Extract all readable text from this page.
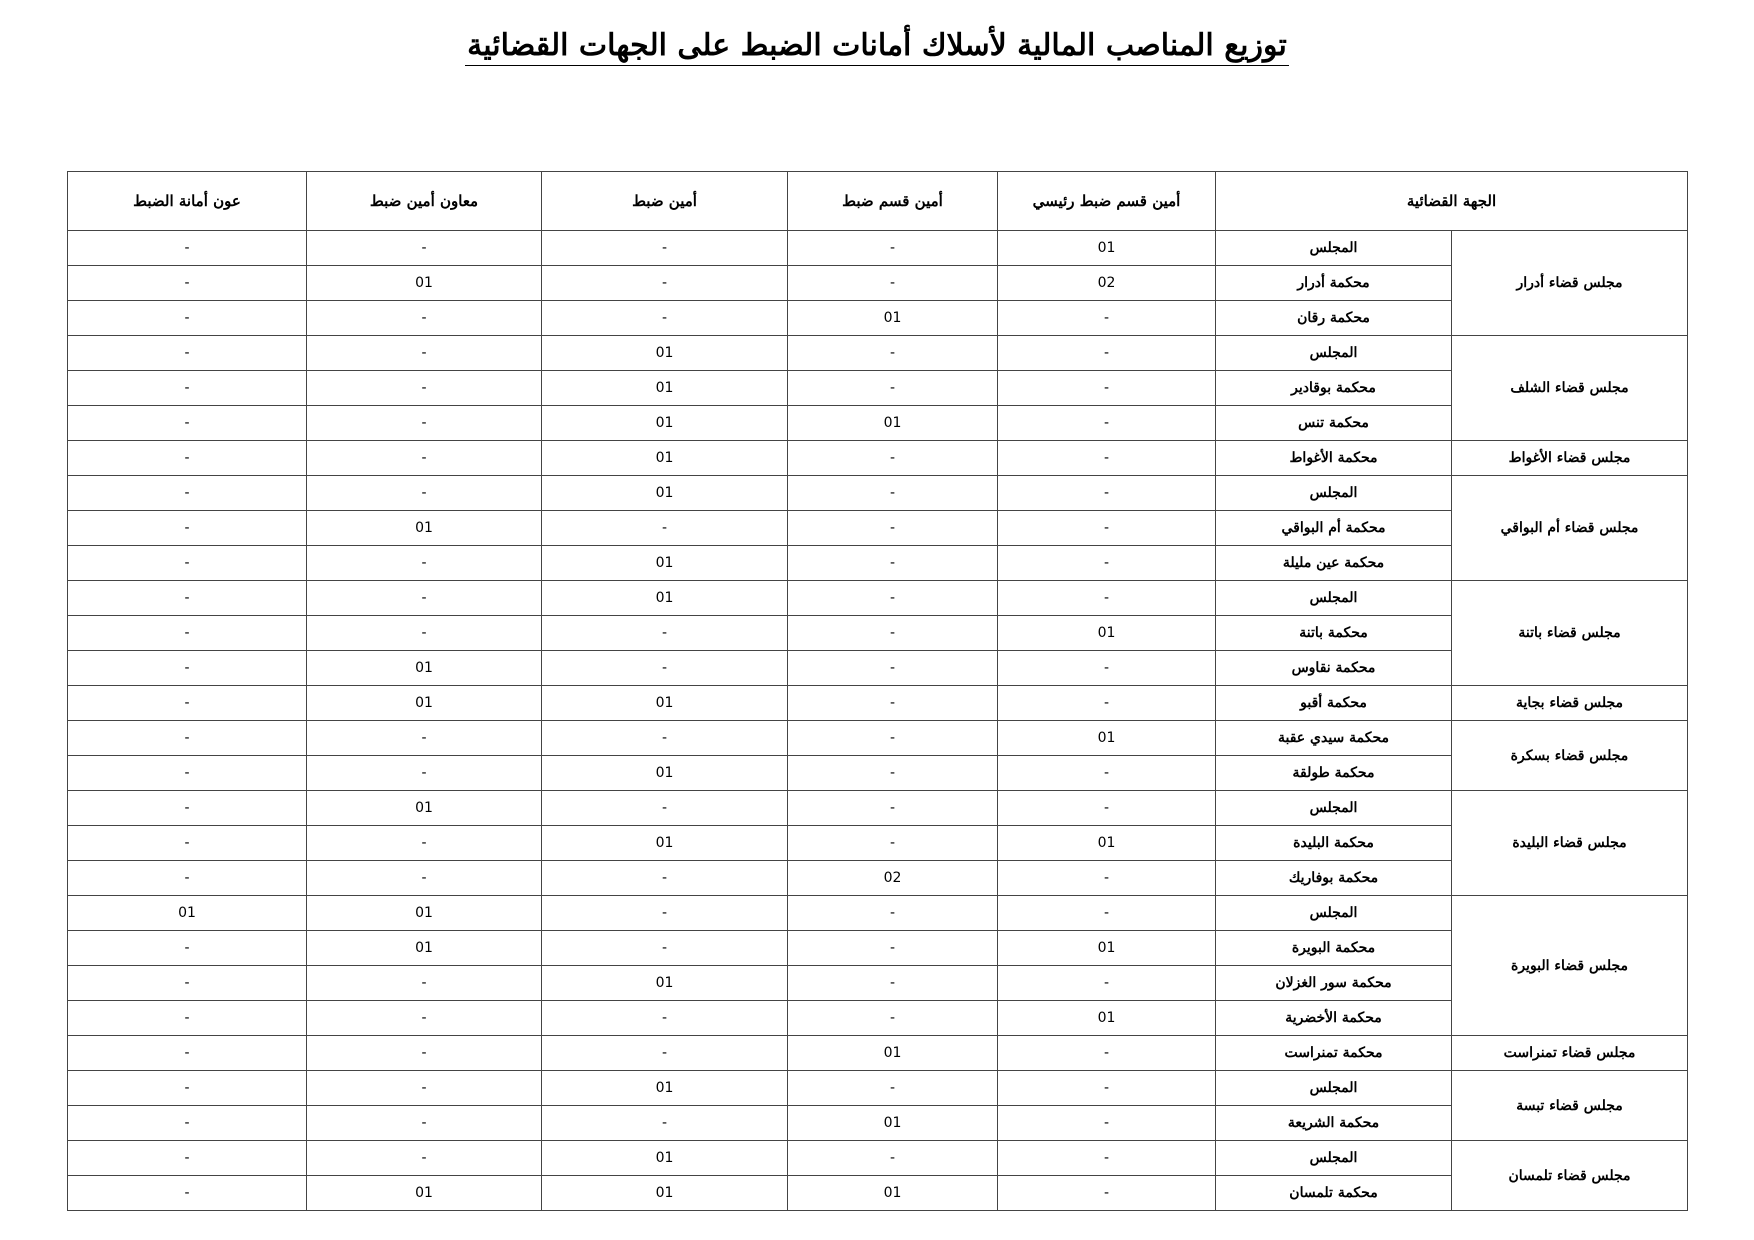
توزيع المناصب المالية لأسلاك أمانات الضبط على الجهات القضائية
الجهة القضائية		أمين قسم ضبط رئيسي	أمين قسم ضبط	أمين ضبط	معاون أمين ضبط	عون أمانة الضبط
مجلس قضاء أدرار	المجلس	01	-	-	-	-
	محكمة أدرار	02	-	-	01	-
	محكمة رقان	-	01	-	-	-
مجلس قضاء الشلف	المجلس	-	-	01	-	-
	محكمة بوقادير	-	-	01	-	-
	محكمة تنس	-	01	01	-	-
مجلس قضاء الأغواط	محكمة الأغواط	-	-	01	-	-
مجلس قضاء أم البواقي	المجلس	-	-	01	-	-
	محكمة أم البواقي	-	-	-	01	-
	محكمة عين مليلة	-	-	01	-	-
مجلس قضاء باتنة	المجلس	-	-	01	-	-
	محكمة باتنة	01	-	-	-	-
	محكمة نقاوس	-	-	-	01	-
مجلس قضاء بجاية	محكمة أقبو	-	-	01	01	-
مجلس قضاء بسكرة	محكمة سيدي عقبة	01	-	-	-	-
	محكمة طولقة	-	-	01	-	-
مجلس قضاء البليدة	المجلس	-	-	-	01	-
	محكمة البليدة	01	-	01	-	-
	محكمة بوفاريك	-	02	-	-	-
مجلس قضاء البويرة	المجلس	-	-	-	01	01
	محكمة البويرة	01	-	-	01	-
	محكمة سور الغزلان	-	-	01	-	-
	محكمة الأخضرية	01	-	-	-	-
مجلس قضاء تمنراست	محكمة تمنراست	-	01	-	-	-
مجلس قضاء تبسة	المجلس	-	-	01	-	-
	محكمة الشريعة	-	01	-	-	-
مجلس قضاء تلمسان	المجلس	-	-	01	-	-
	محكمة تلمسان	-	01	01	01	-
